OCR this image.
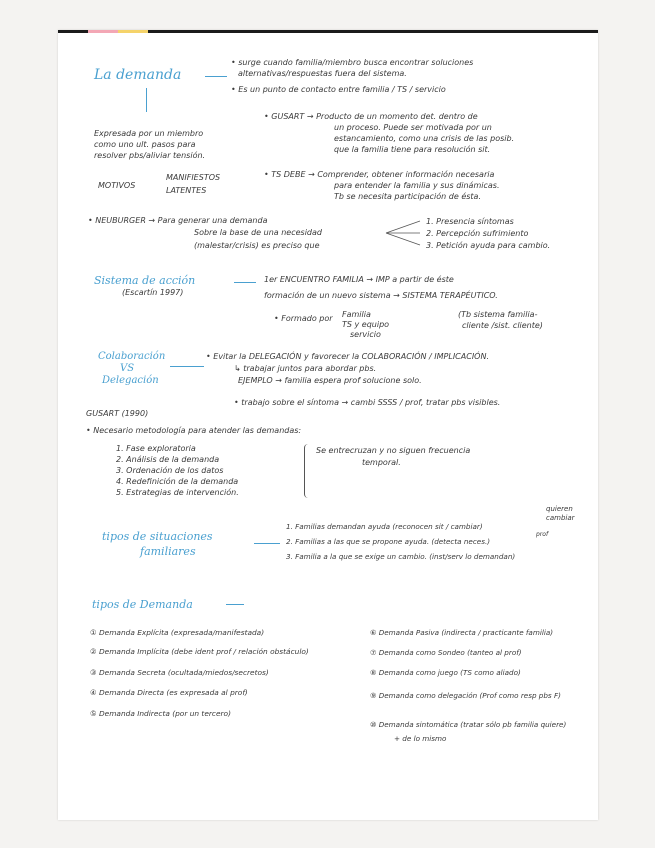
La demanda
• surge cuando familia/miembro busca encontrar soluciones
alternativas/respuestas fuera del sistema.
• Es un punto de contacto entre familia / TS / servicio
Expresada por un miembro
como uno ult. pasos para
resolver pbs/aliviar tensión.
MOTIVOS
MANIFIESTOS
LATENTES
• GUSART → Producto de un momento det. dentro de
un proceso. Puede ser motivada por un
estancamiento, como una crisis de las posib.
que la familia tiene para resolución sit.
• TS DEBE → Comprender, obtener información necesaria
para entender la familia y sus dinámicas.
Tb se necesita participación de ésta.
• NEUBURGER → Para generar una demanda
Sobre la base de una necesidad
(malestar/crisis) es preciso que
1. Presencia síntomas
2. Percepción sufrimiento
3. Petición ayuda para cambio.
Sistema de acción
(Escartín 1997)
1er ENCUENTRO FAMILIA → IMP a partir de éste
formación de un nuevo sistema → SISTEMA TERAPÉUTICO.
• Formado por Familia
TS y equipo
servicio
(Tb sistema familia-
cliente /sist. cliente)
Colaboración
VS
Delegación
• Evitar la DELEGACIÓN y favorecer la COLABORACIÓN / IMPLICACIÓN.
↳ trabajar juntos para abordar pbs.
EJEMPLO → familia espera prof solucione solo.
• trabajo sobre el síntoma → cambi SSSS / prof, tratar pbs visibles.
GUSART (1990)
• Necesario metodología para atender las demandas:
1. Fase exploratoria
2. Análisis de la demanda
3. Ordenación de los datos
4. Redefinición de la demanda
5. Estrategias de intervención.
Se entrecruzan y no siguen frecuencia
temporal.
tipos de situaciones
familiares
quieren
cambiar
1. Familias demandan ayuda (reconocen sit / cambiar)
prof
2. Familias a las que se propone ayuda. (detecta neces.)
3. Familia a la que se exige un cambio. (inst/serv lo demandan)
tipos de Demanda
① Demanda Explícita (expresada/manifestada)
② Demanda Implícita (debe ident prof / relación obstáculo)
③ Demanda Secreta (ocultada/miedos/secretos)
④ Demanda Directa (es expresada al prof)
⑤ Demanda Indirecta (por un tercero)
⑥ Demanda Pasiva (indirecta / practicante familia)
⑦ Demanda como Sondeo (tanteo al prof)
⑧ Demanda como juego (TS como aliado)
⑨ Demanda como delegación (Prof como resp pbs F)
⑩ Demanda sintomática (tratar sólo pb familia quiere)
+ de lo mismo
